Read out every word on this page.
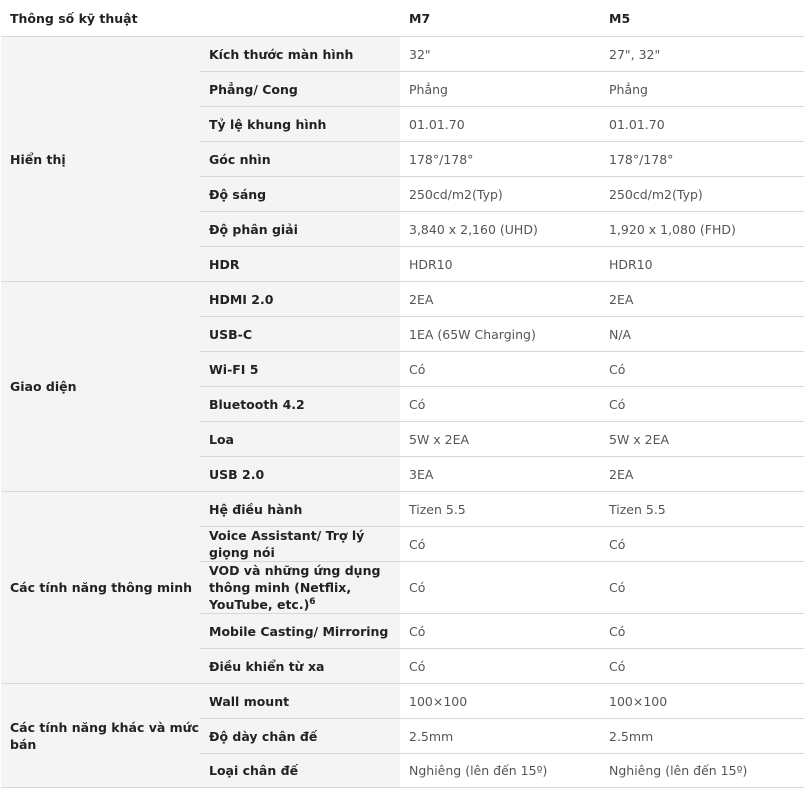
Thông số kỹ thuật		M7	M5
Hiển thị	Kích thước màn hình	32"	27", 32"
	Phẳng/ Cong	Phẳng	Phẳng
	Tỷ lệ khung hình	01.01.70	01.01.70
	Góc nhìn	178°/178°	178°/178°
	Độ sáng	250cd/m2(Typ)	250cd/m2(Typ)
	Độ phân giải	3,840 x 2,160 (UHD)	1,920 x 1,080 (FHD)
	HDR	HDR10	HDR10
Giao diện	HDMI 2.0	2EA	2EA
	USB-C	1EA (65W Charging)	N/A
	Wi-FI 5	Có	Có
	Bluetooth 4.2	Có	Có
	Loa	5W x 2EA	5W x 2EA
	USB 2.0	3EA	2EA
Các tính năng thông minh	Hệ điều hành	Tizen 5.5	Tizen 5.5
	Voice Assistant/ Trợ lý giọng nói	Có	Có
	VOD và những ứng dụng thông minh (Netflix, YouTube, etc.)$^6$	Có	Có
	Mobile Casting/ Mirroring	Có	Có
	Điều khiển từ xa	Có	Có
Các tính năng khác và mức bán	Wall mount	100×100	100×100
	Độ dày chân đế	2.5mm	2.5mm
	Loại chân đế	Nghiêng (lên đến 15º)	Nghiêng (lên đến 15º)
